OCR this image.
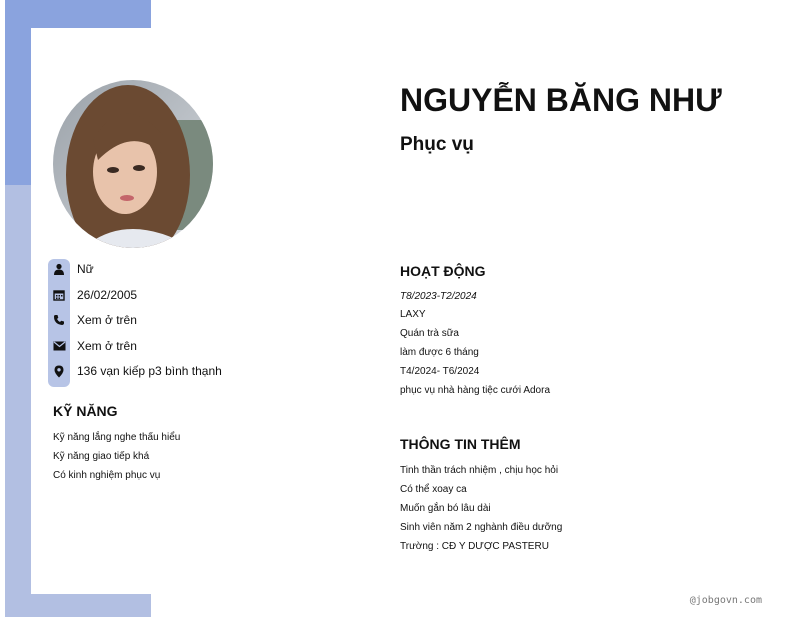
Nữ
26/02/2005
Xem ở trên
Xem ở trên
136 vạn kiếp p3 bình thạnh
KỸ NĂNG
Kỹ năng lắng nghe thấu hiểu
Kỹ năng giao tiếp khá
Có kinh nghiệm phục vụ
NGUYỄN BĂNG NHƯ
Phục vụ
HOẠT ĐỘNG
T8/2023-T2/2024
LAXY
Quán trà sữa
làm được 6 tháng
T4/2024- T6/2024
phục vụ nhà hàng tiệc cưới Adora
THÔNG TIN THÊM
Tinh thần trách nhiệm , chịu học hỏi
Có thể xoay ca
Muốn gắn bó lâu dài
Sinh viên năm 2 nghành điều dưỡng
Trường : CĐ Y DƯỢC PASTERU
@jobgovn.com
